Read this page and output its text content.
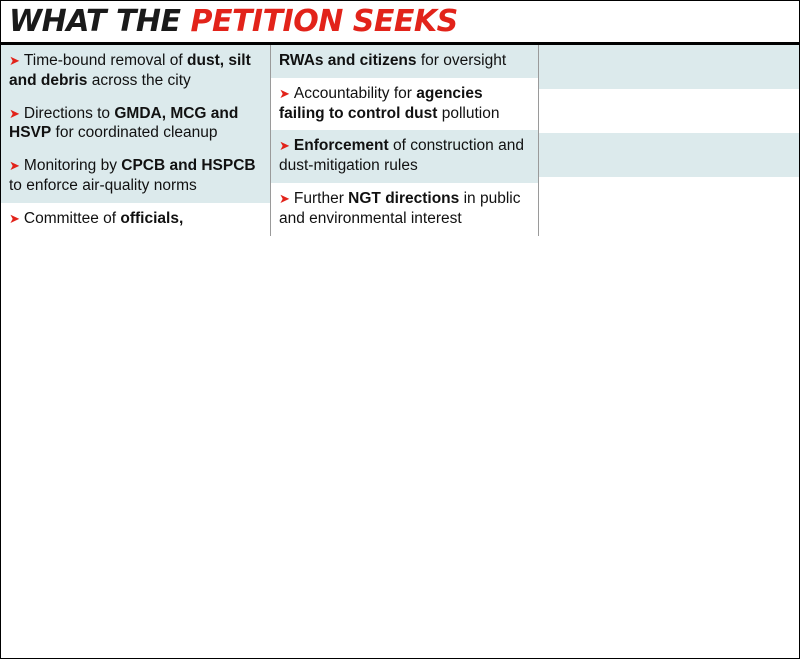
WHAT THE PETITION SEEKS
➤ Time-bound removal of dust, silt and debris across the city
➤ Directions to GMDA, MCG and HSVP for coordinated cleanup
➤ Monitoring by CPCB and HSPCB to enforce air-quality norms
➤ Committee of officials,
RWAs and citizens for oversight
➤ Accountability for agencies failing to control dust pollution
➤ Enforcement of construction and dust-mitigation rules
➤ Further NGT directions in public and environmental interest
